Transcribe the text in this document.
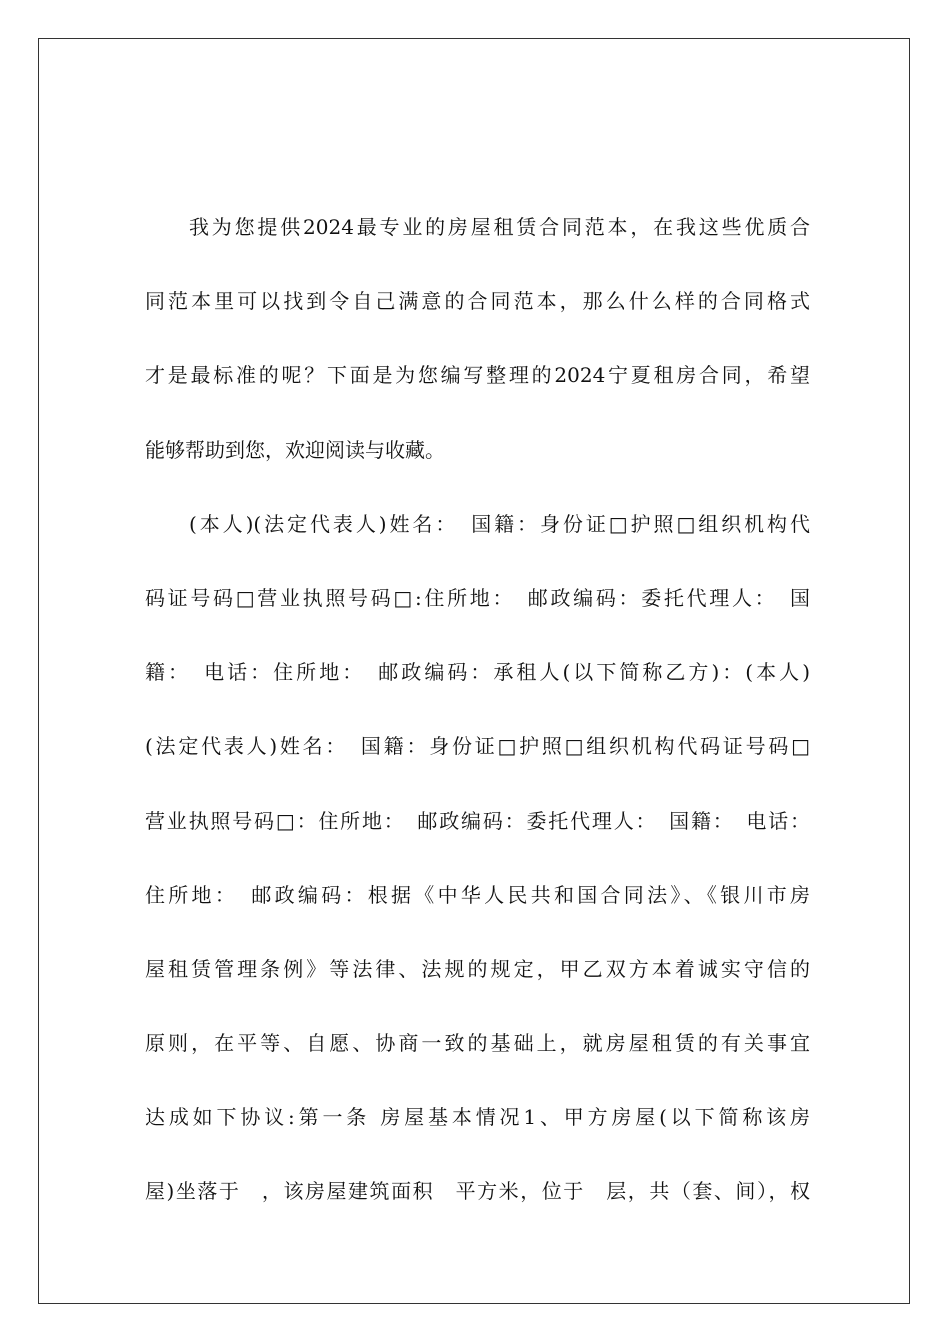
我为您提供2024最专业的房屋租赁合同范本，在我这些优质合
同范本里可以找到令自己满意的合同范本，那么什么样的合同格式
才是最标准的呢？下面是为您编写整理的2024宁夏租房合同，希望
能够帮助到您，欢迎阅读与收藏。
(本人)(法定代表人)姓名：　国籍：身份证□护照□组织机构代
码证号码□营业执照号码□:住所地：　邮政编码：委托代理人：　国
籍：　电话：住所地：　邮政编码：承租人(以下简称乙方)：(本人)
(法定代表人)姓名：　国籍：身份证□护照□组织机构代码证号码□
营业执照号码□：住所地：　邮政编码：委托代理人：　国籍：　电话：
住所地：　邮政编码：根据《中华人民共和国合同法》、《银川市房
屋租赁管理条例》等法律、法规的规定，甲乙双方本着诚实守信的
原则，在平等、自愿、协商一致的基础上，就房屋租赁的有关事宜
达成如下协议:第一条 房屋基本情况1、甲方房屋(以下简称该房
屋)坐落于　，该房屋建筑面积　平方米，位于　层，共（套、间），权
